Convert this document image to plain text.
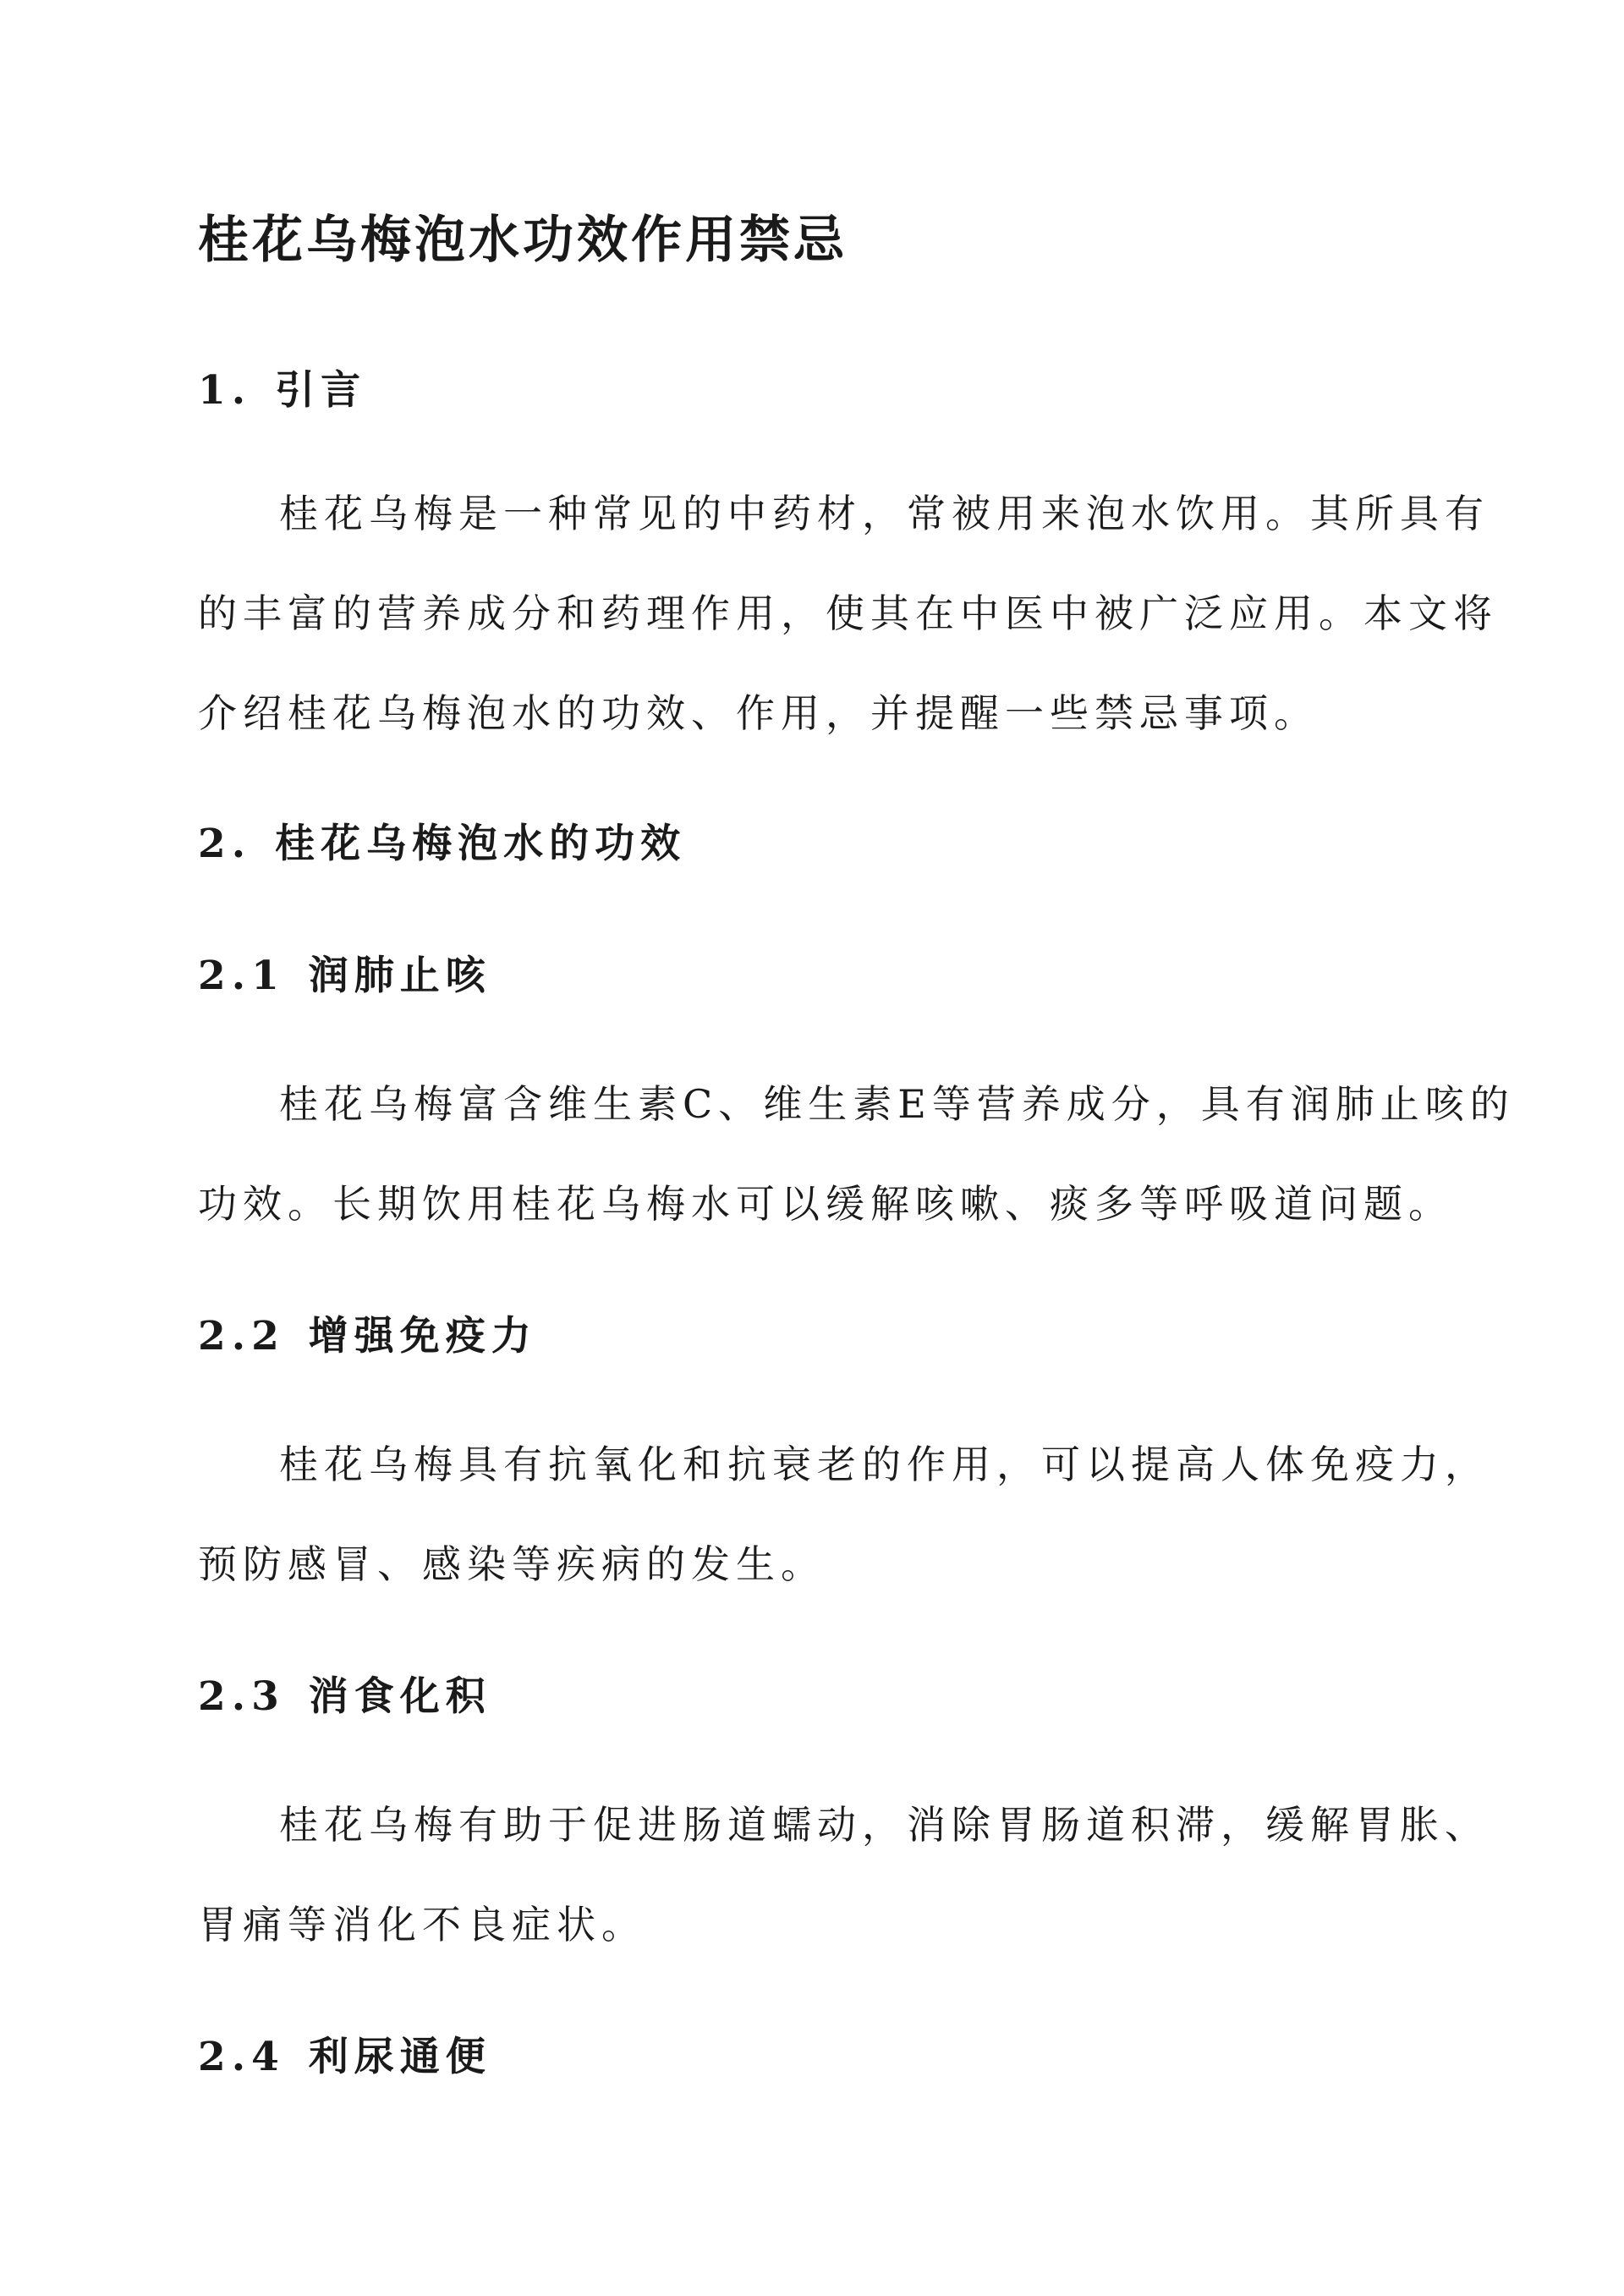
桂花乌梅泡水功效作用禁忌
1. 引言
桂花乌梅是一种常见的中药材，常被用来泡水饮用。其所具有
的丰富的营养成分和药理作用，使其在中医中被广泛应用。本文将
介绍桂花乌梅泡水的功效、作用，并提醒一些禁忌事项。
2. 桂花乌梅泡水的功效
2.1 润肺止咳
桂花乌梅富含维生素C、维生素E等营养成分，具有润肺止咳的
功效。长期饮用桂花乌梅水可以缓解咳嗽、痰多等呼吸道问题。
2.2 增强免疫力
桂花乌梅具有抗氧化和抗衰老的作用，可以提高人体免疫力，
预防感冒、感染等疾病的发生。
2.3 消食化积
桂花乌梅有助于促进肠道蠕动，消除胃肠道积滞，缓解胃胀、
胃痛等消化不良症状。
2.4 利尿通便
